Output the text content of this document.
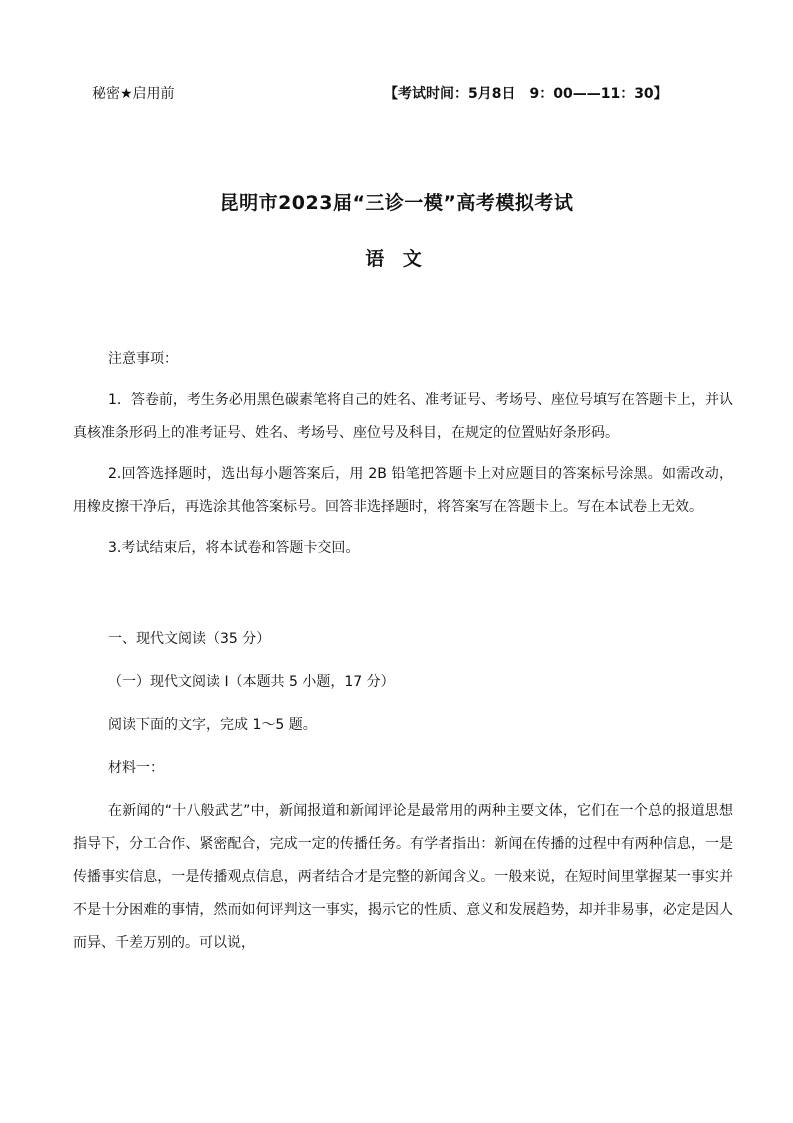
秘密★启用前	【考试时间：5月8日　9：00——11：30】
昆明市2023届“三诊一模”高考模拟考试
语 文
注意事项：
1．答卷前，考生务必用黑色碳素笔将自己的姓名、准考证号、考场号、座位号填写在答题卡上，并认真核准条形码上的准考证号、姓名、考场号、座位号及科目，在规定的位置贴好条形码。
2.回答选择题时，选出每小题答案后，用 2B 铅笔把答题卡上对应题目的答案标号涂黑。如需改动，用橡皮擦干净后，再选涂其他答案标号。回答非选择题时，将答案写在答题卡上。写在本试卷上无效。
3.考试结束后，将本试卷和答题卡交回。
一、现代文阅读（35 分）
（一）现代文阅读 I（本题共 5 小题，17 分）
阅读下面的文字，完成 1～5 题。
材料一：
在新闻的“十八般武艺”中，新闻报道和新闻评论是最常用的两种主要文体，它们在一个总的报道思想指导下，分工合作、紧密配合，完成一定的传播任务。有学者指出：新闻在传播的过程中有两种信息，一是传播事实信息，一是传播观点信息，两者结合才是完整的新闻含义。一般来说，在短时间里掌握某一事实并不是十分困难的事情，然而如何评判这一事实，揭示它的性质、意义和发展趋势，却并非易事，必定是因人而异、千差万别的。可以说，
